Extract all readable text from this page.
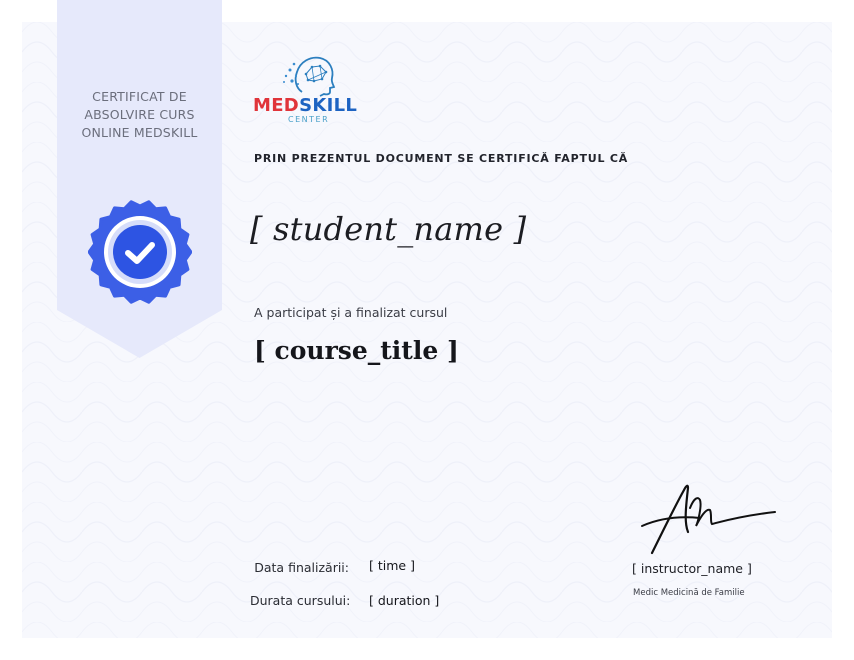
CERTIFICAT DE
ABSOLVIRE CURS
ONLINE MEDSKILL
MEDSKILL
CENTER
PRIN PREZENTUL DOCUMENT SE CERTIFICĂ FAPTUL CĂ
[ student_name ]
A participat și a finalizat cursul
[ course_title ]
Data finalizării: [ time ]
Durata cursului: [ duration ]
[ instructor_name ]
Medic Medicină de Familie
